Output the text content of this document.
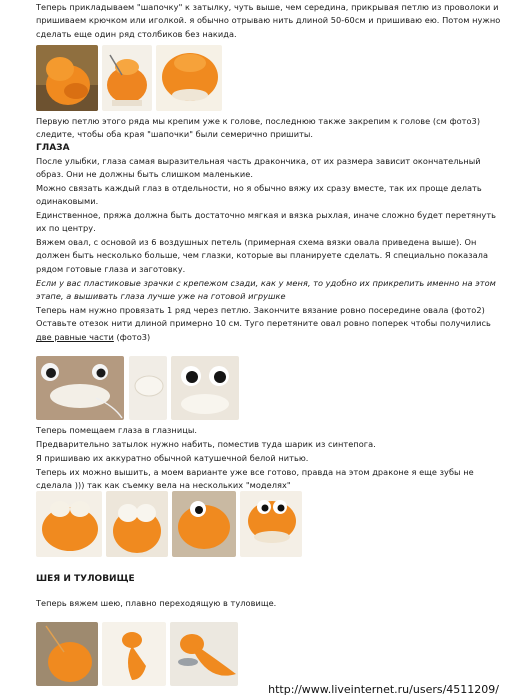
Теперь прикладываем "шапочку" к затылку, чуть выше, чем середина, прикрывая петлю из проволоки и пришиваем крючком или иголкой. я обычно отрываю нить длиной 50-60см и пришиваю ею. Потом нужно сделать еще один ряд столбиков без накида.
Первую петлю этого ряда мы крепим уже к голове, последнюю также закрепим к голове (см фото3) следите, чтобы оба края "шапочки" были семерично пришиты.
ГЛАЗА
После улыбки, глаза самая выразительная часть дракончика, от их размера зависит окончательный образ. Они не должны быть слишком маленькие.
Можно связать каждый глаз в отдельности, но я обычно вяжу их сразу вместе, так их проще делать одинаковыми.
Единственное, пряжа должна быть достаточно мягкая и вязка рыхлая, иначе сложно будет перетянуть их по центру.
Вяжем овал, с основой из 6 воздушных петель (примерная схема вязки овала приведена выше). Он должен быть несколько больше, чем глазки, которые вы планируете сделать. Я специально показала рядом готовые глаза и заготовку.
Если у вас пластиковые зрачки с крепежом сзади, как у меня, то удобно их прикрепить именно на этом этапе, а вышивать глаза лучше уже на готовой игрушке
Теперь нам нужно провязать 1 ряд через петлю. Закончите вязание ровно посередине овала (фото2) Оставьте отезок нити длиной примерно 10 см. Туго перетяните овал ровно поперек чтобы получились две равные части (фото3)
Теперь помещаем глаза в глазницы.
Предварительно затылок нужно набить, поместив туда шарик из синтепога.
Я пришиваю их аккуратно обычной катушечной белой нитью.
Теперь их можно вышить, а моем варианте уже все готово, правда на этом драконе я еще зубы не сделала ))) так как съемку вела на нескольких "моделях"
ШЕЯ И ТУЛОВИЩЕ
Теперь вяжем шею, плавно переходящую в туловище.
http://www.liveinternet.ru/users/4511209/
